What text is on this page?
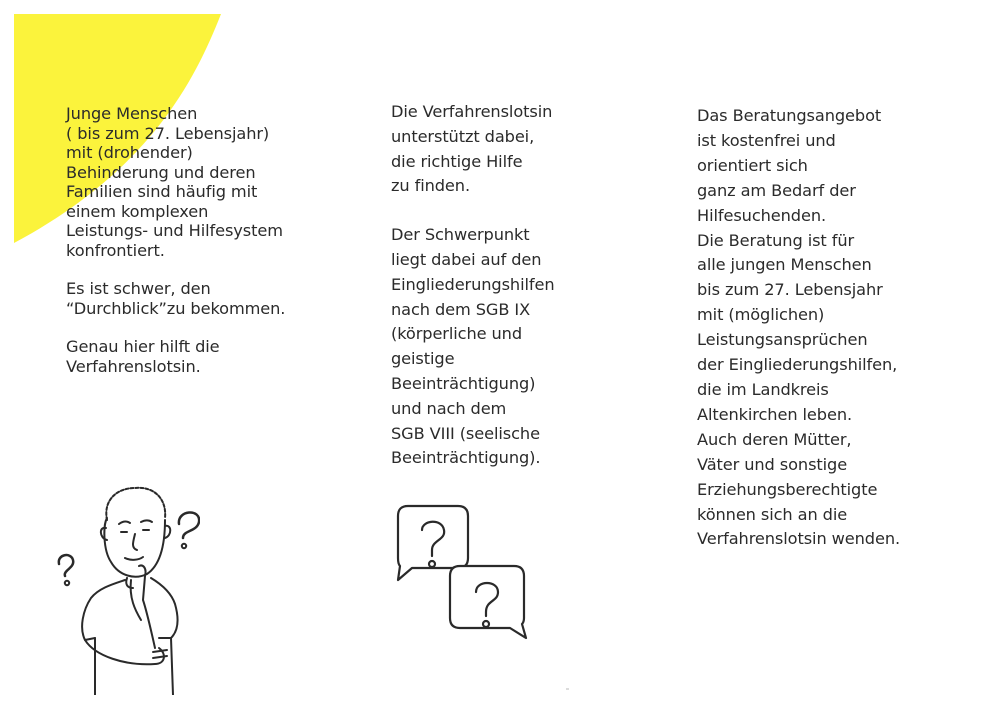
Junge Menschen
( bis zum 27. Lebensjahr)
mit (drohender)
Behinderung und deren
Familien sind häufig mit
einem komplexen
Leistungs- und Hilfesystem
konfrontiert.
Es ist schwer, den
“Durchblick”zu bekommen.
Genau hier hilft die
Verfahrenslotsin.
Die Verfahrenslotsin
unterstützt dabei,
die richtige Hilfe
zu finden.
Der Schwerpunkt
liegt dabei auf den
Eingliederungshilfen
nach dem SGB IX
(körperliche und
geistige
Beeinträchtigung)
und nach dem
SGB VIII (seelische
Beeinträchtigung).
Das Beratungsangebot
ist kostenfrei und
orientiert sich
ganz am Bedarf der
Hilfesuchenden.
Die Beratung ist für
alle jungen Menschen
bis zum 27. Lebensjahr
mit (möglichen)
Leistungsansprüchen
der Eingliederungshilfen,
die im Landkreis
Altenkirchen leben.
Auch deren Mütter,
Väter und sonstige
Erziehungsberechtigte
können sich an die
Verfahrenslotsin wenden.
